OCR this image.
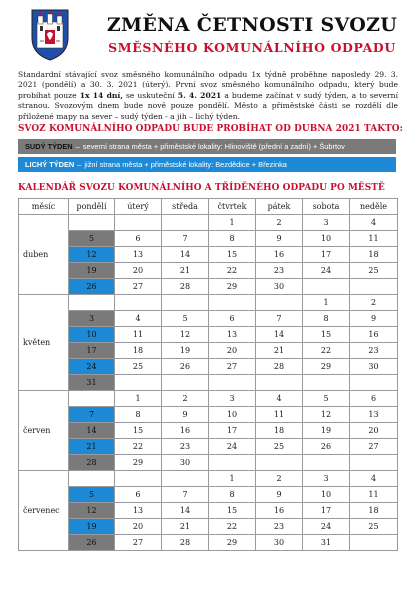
ZMĚNA ČETNOSTI SVOZU
SMĚSNÉHO KOMUNÁLNÍHO ODPADU
Standardní stávající svoz směsného komunálního odpadu 1x týdně proběhne naposledy 29. 3. 2021 (pondělí) a 30. 3. 2021 (úterý). První svoz směsného komunálního odpadu, který bude probíhat pouze 1x 14 dní, se uskuteční 5. 4. 2021 a budeme začínat v sudý týden, a to severní stranou. Svozovým dnem bude nově pouze pondělí. Město a přiměstské části se rozdělí dle přiložené mapy na sever – sudý týden - a jih – lichý týden.
SVOZ KOMUNÁLNÍHO ODPADU BUDE PROBÍHAT OD DUBNA 2021 TAKTO:
SUDÝ TÝDEN – severní strana města + přiměstské lokality: Hlinoviště (přední a zadní) + Šubrtov
LICHÝ TÝDEN – jižní strana města + přiměstské lokality: Bezdědice + Březinka
KALENDÁŘ SVOZU KOMUNÁLNÍHO A TŘÍDĚNÉHO ODPADU PO MĚSTĚ
měsíc	pondělí	úterý	středa	čtvrtek	pátek	sobota	neděle
duben				1	2	3	4
	5	6	7	8	9	10	11
	12	13	14	15	16	17	18
	19	20	21	22	23	24	25
	26	27	28	29	30		
květen						1	2
	3	4	5	6	7	8	9
	10	11	12	13	14	15	16
	17	18	19	20	21	22	23
	24	25	26	27	28	29	30
	31						
červen		1	2	3	4	5	6
	7	8	9	10	11	12	13
	14	15	16	17	18	19	20
	21	22	23	24	25	26	27
	28	29	30				
červenec				1	2	3	4
	5	6	7	8	9	10	11
	12	13	14	15	16	17	18
	19	20	21	22	23	24	25
	26	27	28	29	30	31	
